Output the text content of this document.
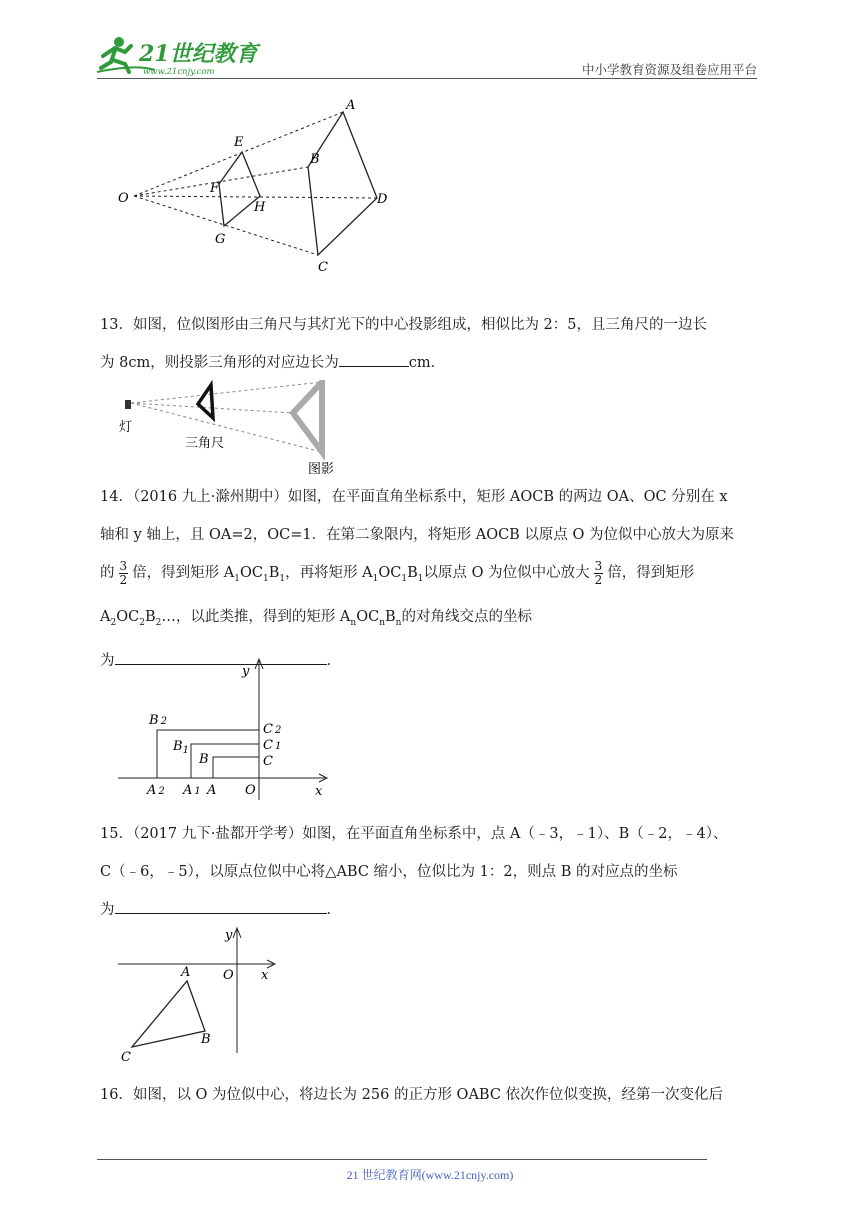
21世纪教育
www.21cnjy.com	中小学教育资源及组卷应用平台
O
A
B
C
D
E
F
G
H

13．如图，位似图形由三角尺与其灯光下的中心投影组成，相似比为 2：5，且三角尺的一边长

为 8cm，则投影三角形的对应边长为	cm．

灯
三角尺
图影

14．（2016 九上·滁州期中）如图，在平面直角坐标系中，矩形 AOCB 的两边 OA、OC 分别在 x

轴和 y 轴上，且 OA=2，OC=1．在第二象限内，将矩形 AOCB 以原点 O 为位似中心放大为原来

的 $\frac{3}{2}$ 倍，得到矩形 $A_1OC_1B_1$，再将矩形 $A_1OC_1B_1$以原点 O 为位似中心放大 $\frac{3}{2}$ 倍，得到矩形

$A_2OC_2B_2\dots$，以此类推，得到的矩形 $A_nOC_nB_n$的对角线交点的坐标

为	．

y
x
O
A
A 1
A 2
B
$B_1$
B 2
C
C 1
C 2

15．（2017 九下·盐都开学考）如图，在平面直角坐标系中，点 A（﹣3，﹣1）、B（﹣2，﹣4）、

C（﹣6，﹣5），以原点位似中心将△ABC 缩小，位似比为 1：2，则点 B 的对应点的坐标

为	．

y
x
O
A
B
C

16．如图，以 O 为位似中心，将边长为 256 的正方形 OABC 依次作位似变换，经第一次变化后

21 世纪教育网(www.21cnjy.com)
